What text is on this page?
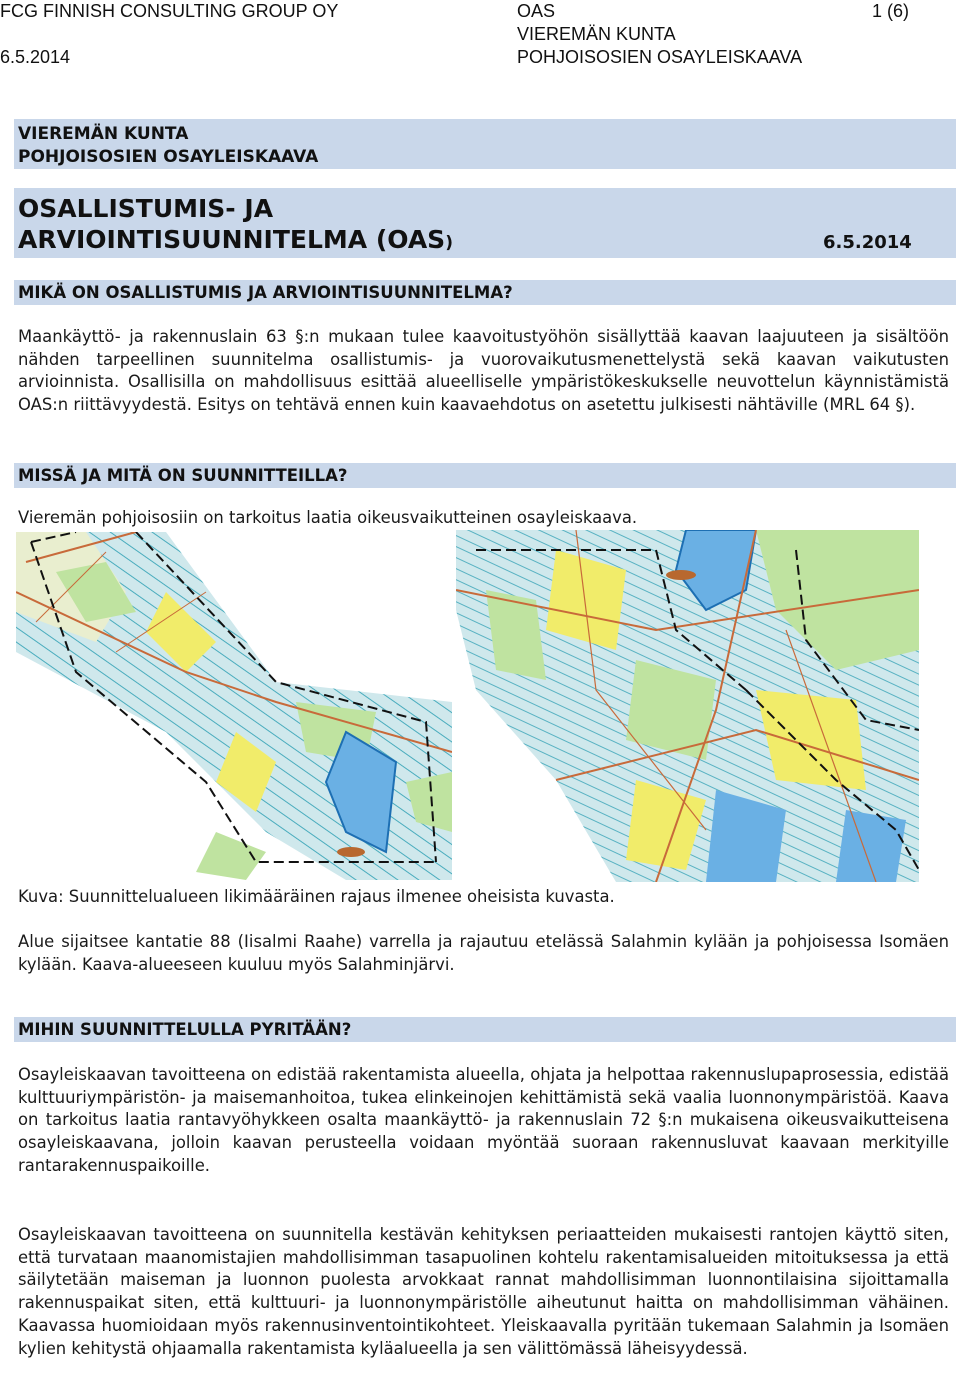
FCG FINNISH CONSULTING GROUP OY
6.5.2014
OAS
VIEREMÄN KUNTA
POHJOISOSIEN OSAYLEISKAAVA
1 (6)
VIEREMÄN KUNTA
POHJOISOSIEN OSAYLEISKAAVA
OSALLISTUMIS- JA
ARVIOINTISUUNNITELMA (OAS)	6.5.2014
MIKÄ ON OSALLISTUMIS JA ARVIOINTISUUNNITELMA?
Maankäyttö- ja rakennuslain 63 §:n mukaan tulee kaavoitustyöhön sisällyttää kaavan laajuuteen ja sisältöön nähden tarpeellinen suunnitelma osallistumis- ja vuorovaikutusmenettelystä sekä kaavan vaikutusten arvioinnista. Osallisilla on mahdollisuus esittää alueelliselle ympäristökeskukselle neuvottelun käynnistämistä OAS:n riittävyydestä. Esitys on tehtävä ennen kuin kaavaehdotus on asetettu julkisesti nähtäville (MRL 64 §).
MISSÄ JA MITÄ ON SUUNNITTEILLA?
Vieremän pohjoisosiin on tarkoitus laatia oikeusvaikutteinen osayleiskaava.
Kuva: Suunnittelualueen likimääräinen rajaus ilmenee oheisista kuvasta.
Alue sijaitsee kantatie 88 (Iisalmi Raahe) varrella ja rajautuu etelässä Salahmin kylään ja pohjoisessa Isomäen kylään. Kaava-alueeseen kuuluu myös Salahminjärvi.
MIHIN SUUNNITTELULLA PYRITÄÄN?
Osayleiskaavan tavoitteena on edistää rakentamista alueella, ohjata ja helpottaa rakennuslupaprosessia, edistää kulttuuriympäristön- ja maisemanhoitoa, tukea elinkeinojen kehittämistä sekä vaalia luonnonympäristöä. Kaava on tarkoitus laatia rantavyöhykkeen osalta maankäyttö- ja rakennuslain 72 §:n mukaisena oikeusvaikutteisena osayleiskaavana, jolloin kaavan perusteella voidaan myöntää suoraan rakennusluvat kaavaan merkityille rantarakennuspaikoille.
Osayleiskaavan tavoitteena on suunnitella kestävän kehityksen periaatteiden mukaisesti rantojen käyttö siten, että turvataan maanomistajien mahdollisimman tasapuolinen kohtelu rakentamisalueiden mitoituksessa ja että säilytetään maiseman ja luonnon puolesta arvokkaat rannat mahdollisimman luonnontilaisina sijoittamalla rakennuspaikat siten, että kulttuuri- ja luonnonympäristölle aiheutunut haitta on mahdollisimman vähäinen. Kaavassa huomioidaan myös rakennusinventointikohteet. Yleiskaavalla pyritään tukemaan Salahmin ja Isomäen kylien kehitystä ohjaamalla rakentamista kyläalueella ja sen välittömässä läheisyydessä.
